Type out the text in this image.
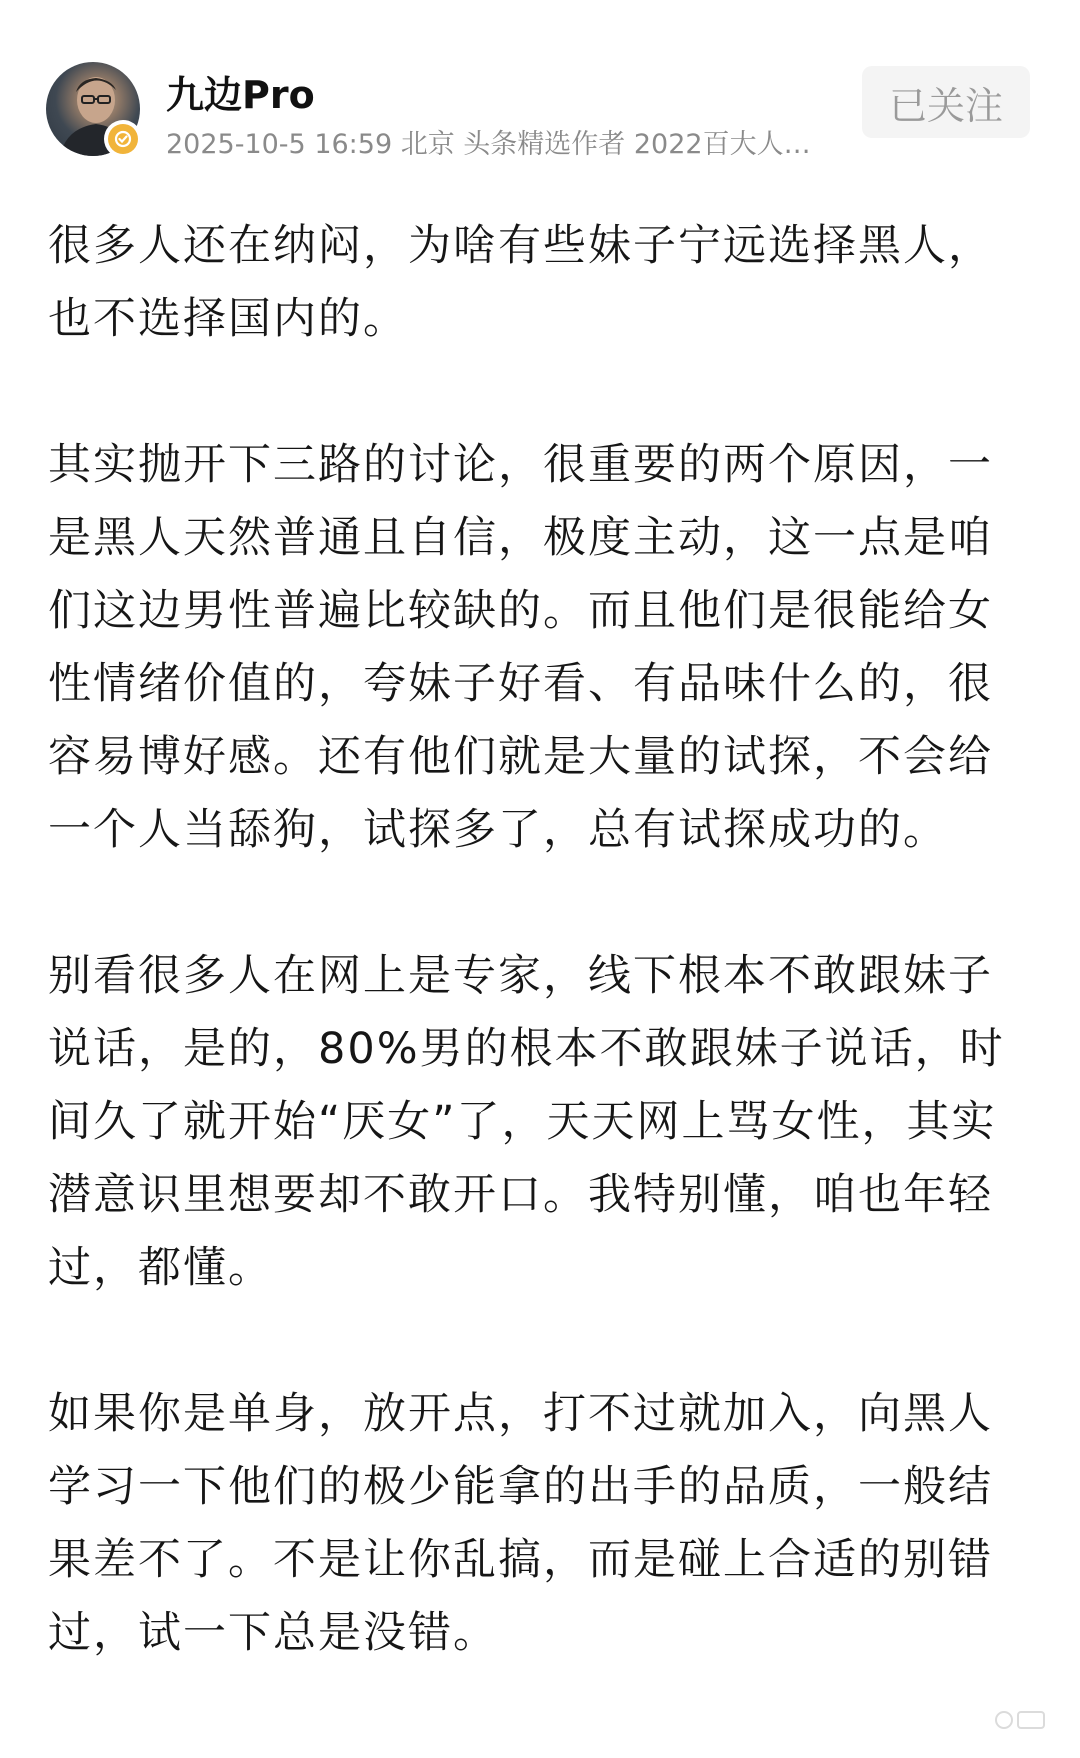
九边Pro
2025-10-5 16:59 北京 头条精选作者 2022百大人…
已关注

很多人还在纳闷，为啥有些妹子宁远选择黑人，也不选择国内的。

其实抛开下三路的讨论，很重要的两个原因，一是黑人天然普通且自信，极度主动，这一点是咱们这边男性普遍比较缺的。而且他们是很能给女性情绪价值的，夸妹子好看、有品味什么的，很容易博好感。还有他们就是大量的试探，不会给一个人当舔狗，试探多了，总有试探成功的。

别看很多人在网上是专家，线下根本不敢跟妹子说话，是的，80%男的根本不敢跟妹子说话，时间久了就开始“厌女”了，天天网上骂女性，其实潜意识里想要却不敢开口。我特别懂，咱也年轻过，都懂。

如果你是单身，放开点，打不过就加入，向黑人学习一下他们的极少能拿的出手的品质，一般结果差不了。不是让你乱搞，而是碰上合适的别错过，试一下总是没错。
